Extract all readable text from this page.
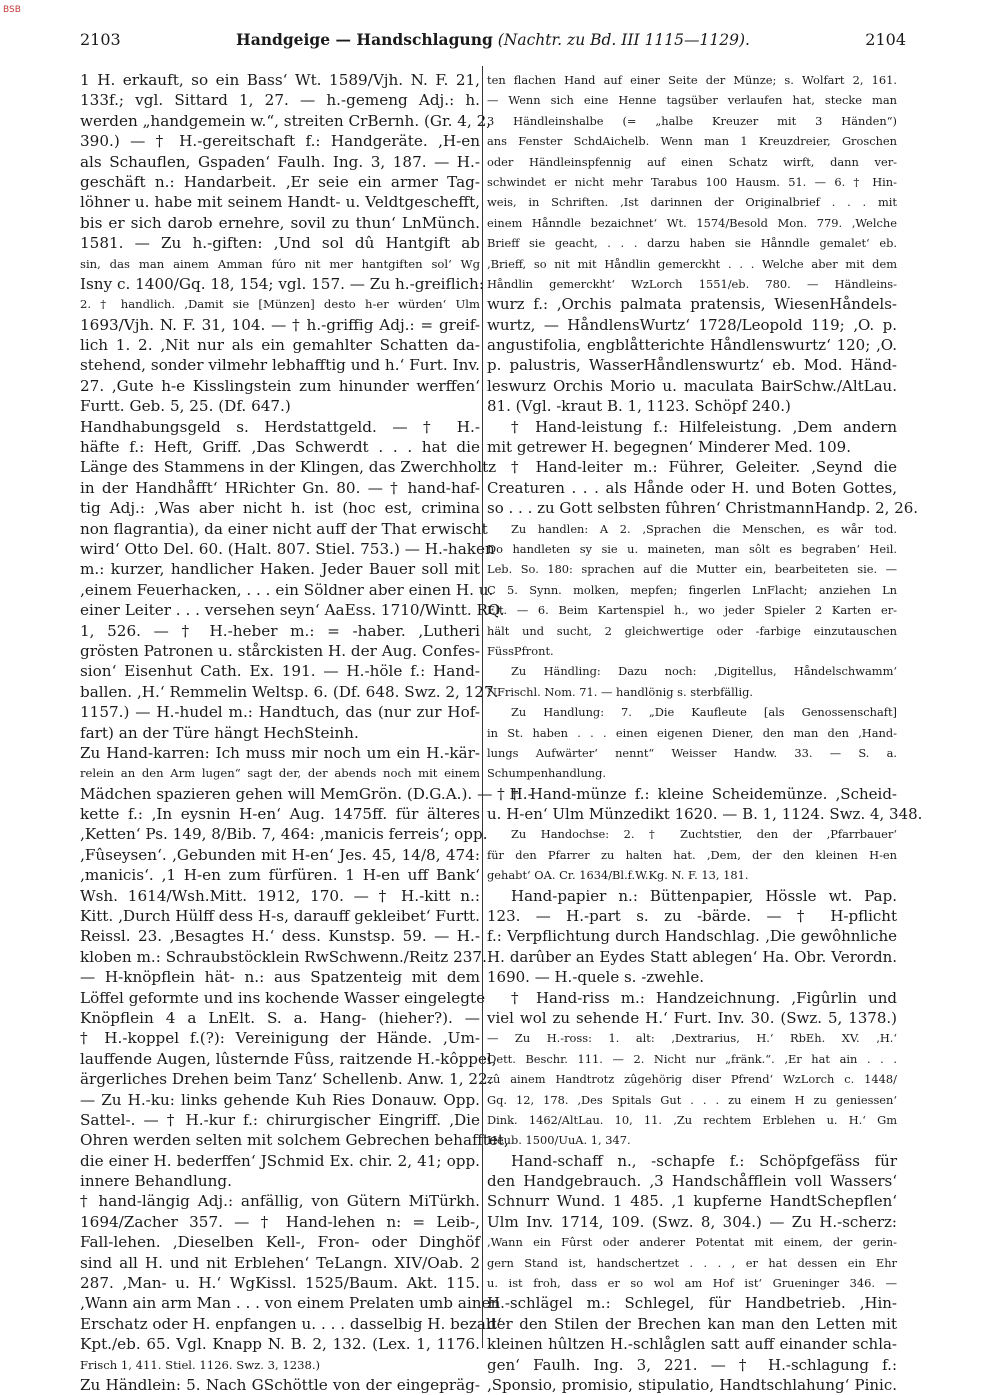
BSB
2103	Handgeige — Handschlagung (Nachtr. zu Bd. III 1115—1129).	2104
1 H. erkauft, so ein Bass‘ Wt. 1589/Vjh. N. F. 21,
133f.; vgl. Sittard 1, 27. — h.-gemeng Adj.: h.
werden „handgemein w.“, streiten CrBernh. (Gr. 4, 2,
390.) — † H.-gereitschaft f.: Handgeräte. ‚H-en
als Schauflen, Gspaden‘ Faulh. Ing. 3, 187. — H.-
geschäft n.: Handarbeit. ‚Er seie ein armer Tag-
löhner u. habe mit seinem Handt- u. Veldtgeschefft,
bis er sich darob ernehre, sovil zu thun‘ LnMünch.
1581. — Zu h.-giften: ‚Und sol dû Hantgift ab
sin, das man ainem Amman fúro nit mer hantgiften sol‘ Wg
Isny c. 1400/Gq. 18, 154; vgl. 157. — Zu h.-greiflich:
2. † handlich. ‚Damit sie [Münzen] desto h-er würden‘ Ulm
1693/Vjh. N. F. 31, 104. — † h.-griffig Adj.: = greif-
lich 1. 2. ‚Nit nur als ein gemahlter Schatten da-
stehend, sonder vilmehr lebhafftig und h.‘ Furt. Inv.
27. ‚Gute h-e Kisslingstein zum hinunder werffen‘
Furtt. Geb. 5, 25. (Df. 647.)
Handhabungsgeld s. Herdstattgeld. — † H.-
häfte f.: Heft, Griff. ‚Das Schwerdt . . . hat die
Länge des Stammens in der Klingen, das Zwerchholtz
in der Handhåfft‘ HRichter Gn. 80. — † hand-haf-
tig Adj.: ‚Was aber nicht h. ist (hoc est, crimina
non flagrantia), da einer nicht auff der That erwischt
wird‘ Otto Del. 60. (Halt. 807. Stiel. 753.) — H.-haken
m.: kurzer, handlicher Haken. Jeder Bauer soll mit
‚einem Feuerhacken, . . . ein Söldner aber einen H. u.
einer Leiter . . . versehen seyn‘ AaEss. 1710/Wintt. RQ.
1, 526. — † H.-heber m.: = -haber. ‚Lutheri
grösten Patronen u. stårckisten H. der Aug. Confes-
sion‘ Eisenhut Cath. Ex. 191. — H.-höle f.: Hand-
ballen. ‚H.‘ Remmelin Weltsp. 6. (Df. 648. Swz. 2, 127.
1157.) — H.-hudel m.: Handtuch, das (nur zur Hof-
fart) an der Türe hängt HechSteinh.
Zu Hand-karren: Ich muss mir noch um ein H.-kär-
relein an den Arm lugen“ sagt der, der abends noch mit einem
Mädchen spazieren gehen will MemGrön. (D.G.A.). — † H.-
kette f.: ‚In eysnin H-en‘ Aug. 1475ff. für älteres
‚Ketten‘ Ps. 149, 8/Bib. 7, 464: ‚manicis ferreis‘; opp.
‚Fûseysen‘. ‚Gebunden mit H-en‘ Jes. 45, 14/8, 474:
‚manicis‘. ‚1 H-en zum fürfüren. 1 H-en uff Bank‘
Wsh. 1614/Wsh.Mitt. 1912, 170. — † H.-kitt n.:
Kitt. ‚Durch Hülff dess H-s, darauff gekleibet‘ Furtt.
Reissl. 23. ‚Besagtes H.‘ dess. Kunstsp. 59. — H.-
kloben m.: Schraubstöcklein RwSchwenn./Reitz 237.
— H-knöpflein hät- n.: aus Spatzenteig mit dem
Löffel geformte und ins kochende Wasser eingelegte
Knöpflein 4 a LnElt. S. a. Hang- (hieher?). —
† H.-koppel f.(?): Vereinigung der Hände. ‚Um-
lauffende Augen, lûsternde Fûss, raitzende H.-kôppel,
ärgerliches Drehen beim Tanz‘ Schellenb. Anw. 1, 22.
— Zu H.-ku: links gehende Kuh Ries Donauw. Opp.
Sattel-. — † H.-kur f.: chirurgischer Eingriff. ‚Die
Ohren werden selten mit solchem Gebrechen behafftet,
die einer H. bederffen‘ JSchmid Ex. chir. 2, 41; opp.
innere Behandlung.
† hand-längig Adj.: anfällig, von Gütern MiTürkh.
1694/Zacher 357. — † Hand-lehen n: = Leib-,
Fall-lehen. ‚Dieselben Kell-, Fron- oder Dinghöf
sind all H. und nit Erblehen‘ TeLangn. XIV/Oab. 2
287. ‚Man- u. H.‘ WgKissl. 1525/Baum. Akt. 115.
‚Wann ain arm Man . . . von einem Prelaten umb ainen
Erschatz oder H. enpfangen u. . . . dasselbig H. bezalt‘
Kpt./eb. 65. Vgl. Knapp N. B. 2, 132. (Lex. 1, 1176.
Frisch 1, 411. Stiel. 1126. Swz. 3, 1238.)
Zu Händlein: 5. Nach GSchöttle von der eingepräg-
ten flachen Hand auf einer Seite der Münze; s. Wolfart 2, 161.
— Wenn sich eine Henne tagsüber verlaufen hat, stecke man
3 Händleinshalbe (= „halbe Kreuzer mit 3 Händen“)
ans Fenster SchdAichelb. Wenn man 1 Kreuzdreier, Groschen
oder Händleinspfennig auf einen Schatz wirft, dann ver-
schwindet er nicht mehr Tarabus 100 Hausm. 51. — 6. † Hin-
weis, in Schriften. ‚Ist darinnen der Originalbrief . . . mit
einem Hånndle bezaichnet‘ Wt. 1574/Besold Mon. 779. ‚Welche
Brieff sie geacht, . . . darzu haben sie Hånndle gemalet‘ eb.
‚Brieff, so nit mit Håndlin gemerckht . . . Welche aber mit dem
Håndlin gemerckht‘ WzLorch 1551/eb. 780. — Händleins-
wurz f.: ‚Orchis palmata pratensis, WiesenHåndels-
wurtz, — HåndlensWurtz‘ 1728/Leopold 119; ‚O. p.
angustifolia, engblåtterichte Håndlenswurtz‘ 120; ‚O.
p. palustris, WasserHåndlenswurtz‘ eb. Mod. Händ-
leswurz Orchis Morio u. maculata BairSchw./AltLau.
81. (Vgl. -kraut B. 1, 1123. Schöpf 240.)
† Hand-leistung f.: Hilfeleistung. ‚Dem andern
mit getrewer H. begegnen‘ Minderer Med. 109.
† Hand-leiter m.: Führer, Geleiter. ‚Seynd die
Creaturen . . . als Hånde oder H. und Boten Gottes,
so . . . zu Gott selbsten fûhren‘ ChristmannHandp. 2, 26.
Zu handlen: A 2. ‚Sprachen die Menschen, es wår tod.
Do handleten sy sie u. maineten, man sôlt es begraben‘ Heil.
Leb. So. 180: sprachen auf die Mutter ein, bearbeiteten sie. —
C 5. Synn. molken, mepfen; fingerlen LnFlacht; anziehen Ln
Elt. — 6. Beim Kartenspiel h., wo jeder Spieler 2 Karten er-
hält und sucht, 2 gleichwertige oder -farbige einzutauschen
FüssPfront.
Zu Händling: Dazu noch: ‚Digitellus, Håndelschwamm‘
NFrischl. Nom. 71. — handlönig s. sterbfällig.
Zu Handlung: 7. „Die Kaufleute [als Genossenschaft]
in St. haben . . . einen eigenen Diener, den man den ‚Hand-
lungs Aufwärter‘ nennt“ Weisser Handw. 33. — S. a.
Schumpenhandlung.
† Hand-münze f.: kleine Scheidemünze. ‚Scheid-
u. H-en‘ Ulm Münzedikt 1620. — B. 1, 1124. Swz. 4, 348.
Zu Handochse: 2. † Zuchtstier, den der ‚Pfarrbauer‘
für den Pfarrer zu halten hat. ‚Dem, der den kleinen H-en
gehabt‘ OA. Cr. 1634/Bl.f.W.Kg. N. F. 13, 181.
Hand-papier n.: Büttenpapier, Hössle wt. Pap.
123. — H.-part s. zu -bärde. — † H-pflicht
f.: Verpflichtung durch Handschlag. ‚Die gewôhnliche
H. darûber an Eydes Statt ablegen‘ Ha. Obr. Verordn.
1690. — H.-quele s. -zwehle.
† Hand-riss m.: Handzeichnung. ‚Figûrlin und
viel wol zu sehende H.‘ Furt. Inv. 30. (Swz. 5, 1378.)
— Zu H.-ross: 1. alt: ‚Dextrarius, H.‘ RbEh. XV. ‚H.‘
Oett. Beschr. 111. — 2. Nicht nur „fränk.“. ‚Er hat ain . . .
zû ainem Handtrotz zûgehörig diser Pfrend‘ WzLorch c. 1448/
Gq. 12, 178. ‚Des Spitals Gut . . . zu einem H zu geniessen‘
Dink. 1462/AltLau. 10, 11. ‚Zu rechtem Erblehen u. H.‘ Gm
Heub. 1500/UuA. 1, 347.
Hand-schaff n., -schapfe f.: Schöpfgefäss für
den Handgebrauch. ‚3 Handschåfflein voll Wassers‘
Schnurr Wund. 1 485. ‚1 kupferne HandtSchepflen‘
Ulm Inv. 1714, 109. (Swz. 8, 304.) — Zu H.-scherz:
‚Wann ein Fûrst oder anderer Potentat mit einem, der gerin-
gern Stand ist, handschertzet . . . , er hat dessen ein Ehr
u. ist froh, dass er so wol am Hof ist‘ Grueninger 346. —
H.-schlägel m.: Schlegel, für Handbetrieb. ‚Hin-
der den Stilen der Brechen kan man den Letten mit
kleinen hûltzen H.-schlåglen satt auff einander schla-
gen‘ Faulh. Ing. 3, 221. — † H.-schlagung f.:
‚Sponsio, promisio, stipulatio, Handtschlahung‘ Pinic.
